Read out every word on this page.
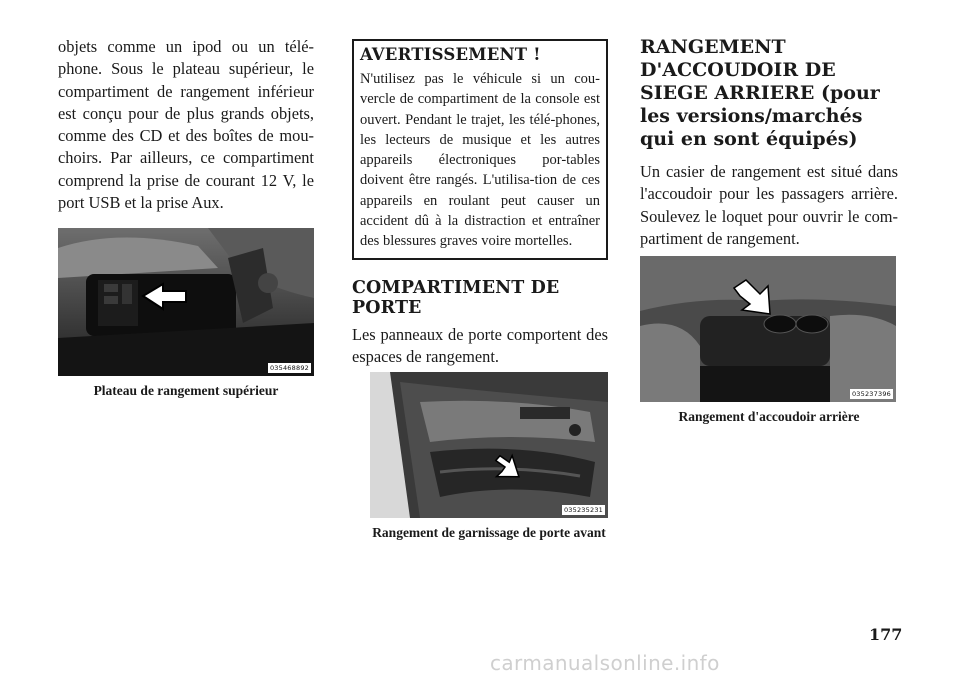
objets comme un ipod ou un télé-phone. Sous le plateau supérieur, le compartiment de rangement inférieur est conçu pour de plus grands objets, comme des CD et des boîtes de mou-choirs. Par ailleurs, ce compartiment comprend la prise de courant 12 V, le port USB et la prise Aux.

035468892
Plateau de rangement supérieur

AVERTISSEMENT !

N'utilisez pas le véhicule si un cou-vercle de compartiment de la console est ouvert. Pendant le trajet, les télé-phones, les lecteurs de musique et les autres appareils électroniques por-tables doivent être rangés. L'utilisa-tion de ces appareils en roulant peut causer un accident dû à la distraction et entraîner des blessures graves voire mortelles.

COMPARTIMENT DE PORTE

Les panneaux de porte comportent des espaces de rangement.

035235231
Rangement de garnissage de porte avant
RANGEMENT D'ACCOUDOIR DE SIEGE ARRIERE (pour les versions/marchés qui en sont équipés)

Un casier de rangement est situé dans l'accoudoir pour les passagers arrière. Soulevez le loquet pour ouvrir le com-partiment de rangement.

035237396
Rangement d'accoudoir arrière
177
carmanualsonline.info
